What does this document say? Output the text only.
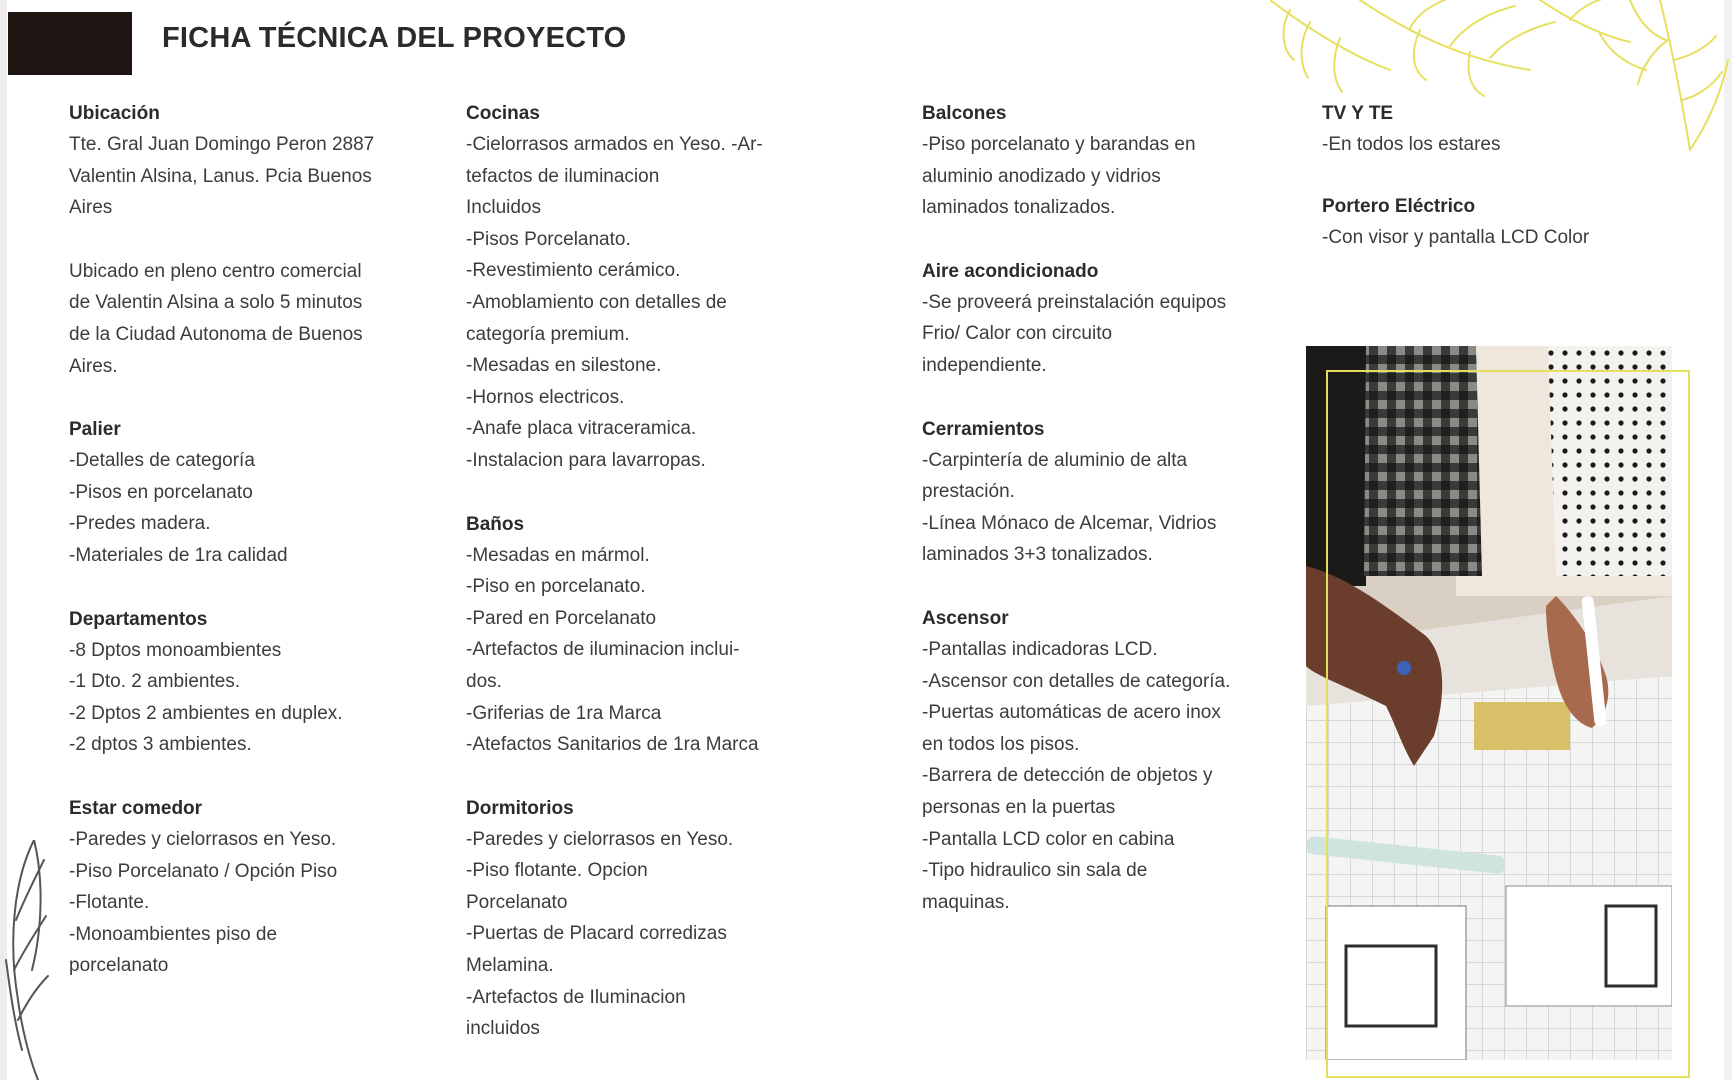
FICHA TÉCNICA DEL PROYECTO
Ubicación
Tte. Gral Juan Domingo Peron 2887
Valentin Alsina, Lanus. Pcia Buenos
Aires
Ubicado en pleno centro comercial
de Valentin Alsina a solo 5 minutos
de la Ciudad Autonoma de Buenos
Aires.
Palier
-Detalles de categoría
-Pisos en porcelanato
-Predes madera.
-Materiales de 1ra calidad
Departamentos
-8 Dptos monoambientes
-1 Dto. 2 ambientes.
-2 Dptos 2 ambientes en duplex.
-2 dptos 3 ambientes.
Estar comedor
-Paredes y cielorrasos en Yeso.
-Piso Porcelanato / Opción Piso
-Flotante.
-Monoambientes piso de
porcelanato
Cocinas
-Cielorrasos armados en Yeso. -Ar-
tefactos de iluminacion
Incluidos
-Pisos Porcelanato.
-Revestimiento cerámico.
-Amoblamiento con detalles de
categoría premium.
-Mesadas en silestone.
-Hornos electricos.
-Anafe placa vitraceramica.
-Instalacion para lavarropas.
Baños
-Mesadas en mármol.
-Piso en porcelanato.
-Pared en Porcelanato
-Artefactos de iluminacion inclui-
dos.
-Griferias de 1ra Marca
-Atefactos Sanitarios de 1ra Marca
Dormitorios
-Paredes y cielorrasos en Yeso.
-Piso flotante. Opcion
Porcelanato
-Puertas de Placard corredizas
Melamina.
-Artefactos de Iluminacion
incluidos
Balcones
-Piso porcelanato y barandas en
aluminio anodizado y vidrios
laminados tonalizados.
Aire acondicionado
-Se proveerá preinstalación equipos
Frio/ Calor con circuito
independiente.
Cerramientos
-Carpintería de aluminio de alta
prestación.
-Línea Mónaco de Alcemar, Vidrios
laminados 3+3 tonalizados.
Ascensor
-Pantallas indicadoras LCD.
-Ascensor con detalles de categoría.
-Puertas automáticas de acero inox
en todos los pisos.
-Barrera de detección de objetos y
personas en la puertas
-Pantalla LCD color en cabina
-Tipo hidraulico sin sala de
maquinas.
TV Y TE
-En todos los estares
Portero Eléctrico
-Con visor y pantalla LCD Color
